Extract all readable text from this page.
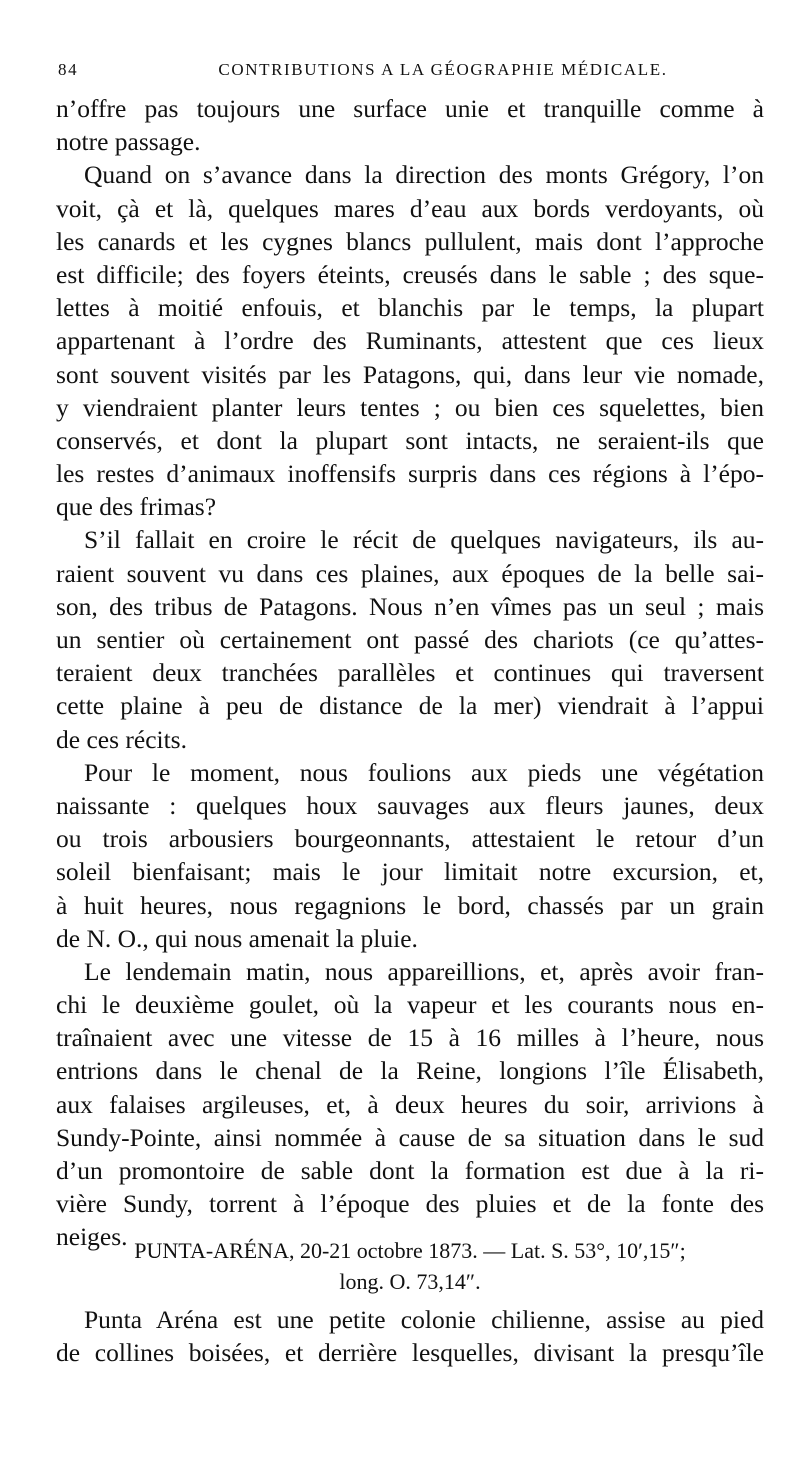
84	CONTRIBUTIONS A LA GÉOGRAPHIE MÉDICALE.
n’offre pas toujours une surface unie et tranquille comme à
notre passage.
Quand on s’avance dans la direction des monts Grégory, l’on
voit, çà et là, quelques mares d’eau aux bords verdoyants, où
les canards et les cygnes blancs pullulent, mais dont l’approche
est difficile; des foyers éteints, creusés dans le sable ; des sque-
lettes à moitié enfouis, et blanchis par le temps, la plupart
appartenant à l’ordre des Ruminants, attestent que ces lieux
sont souvent visités par les Patagons, qui, dans leur vie nomade,
y viendraient planter leurs tentes ; ou bien ces squelettes, bien
conservés, et dont la plupart sont intacts, ne seraient-ils que
les restes d’animaux inoffensifs surpris dans ces régions à l’épo-
que des frimas?
S’il fallait en croire le récit de quelques navigateurs, ils au-
raient souvent vu dans ces plaines, aux époques de la belle sai-
son, des tribus de Patagons. Nous n’en vîmes pas un seul ; mais
un sentier où certainement ont passé des chariots (ce qu’attes-
teraient deux tranchées parallèles et continues qui traversent
cette plaine à peu de distance de la mer) viendrait à l’appui
de ces récits.
Pour le moment, nous foulions aux pieds une végétation
naissante : quelques houx sauvages aux fleurs jaunes, deux
ou trois arbousiers bourgeonnants, attestaient le retour d’un
soleil bienfaisant; mais le jour limitait notre excursion, et,
à huit heures, nous regagnions le bord, chassés par un grain
de N. O., qui nous amenait la pluie.
Le lendemain matin, nous appareillions, et, après avoir fran-
chi le deuxième goulet, où la vapeur et les courants nous en-
traînaient avec une vitesse de 15 à 16 milles à l’heure, nous
entrions dans le chenal de la Reine, longions l’île Élisabeth,
aux falaises argileuses, et, à deux heures du soir, arrivions à
Sundy-Pointe, ainsi nommée à cause de sa situation dans le sud
d’un promontoire de sable dont la formation est due à la ri-
vière Sundy, torrent à l’époque des pluies et de la fonte des
neiges. PUNTA-ARÉNA, 20-21 octobre 1873. — Lat. S. 53°, 10′,15″;
long. O. 73,14″.
Punta Aréna est une petite colonie chilienne, assise au pied
de collines boisées, et derrière lesquelles, divisant la presqu’île
